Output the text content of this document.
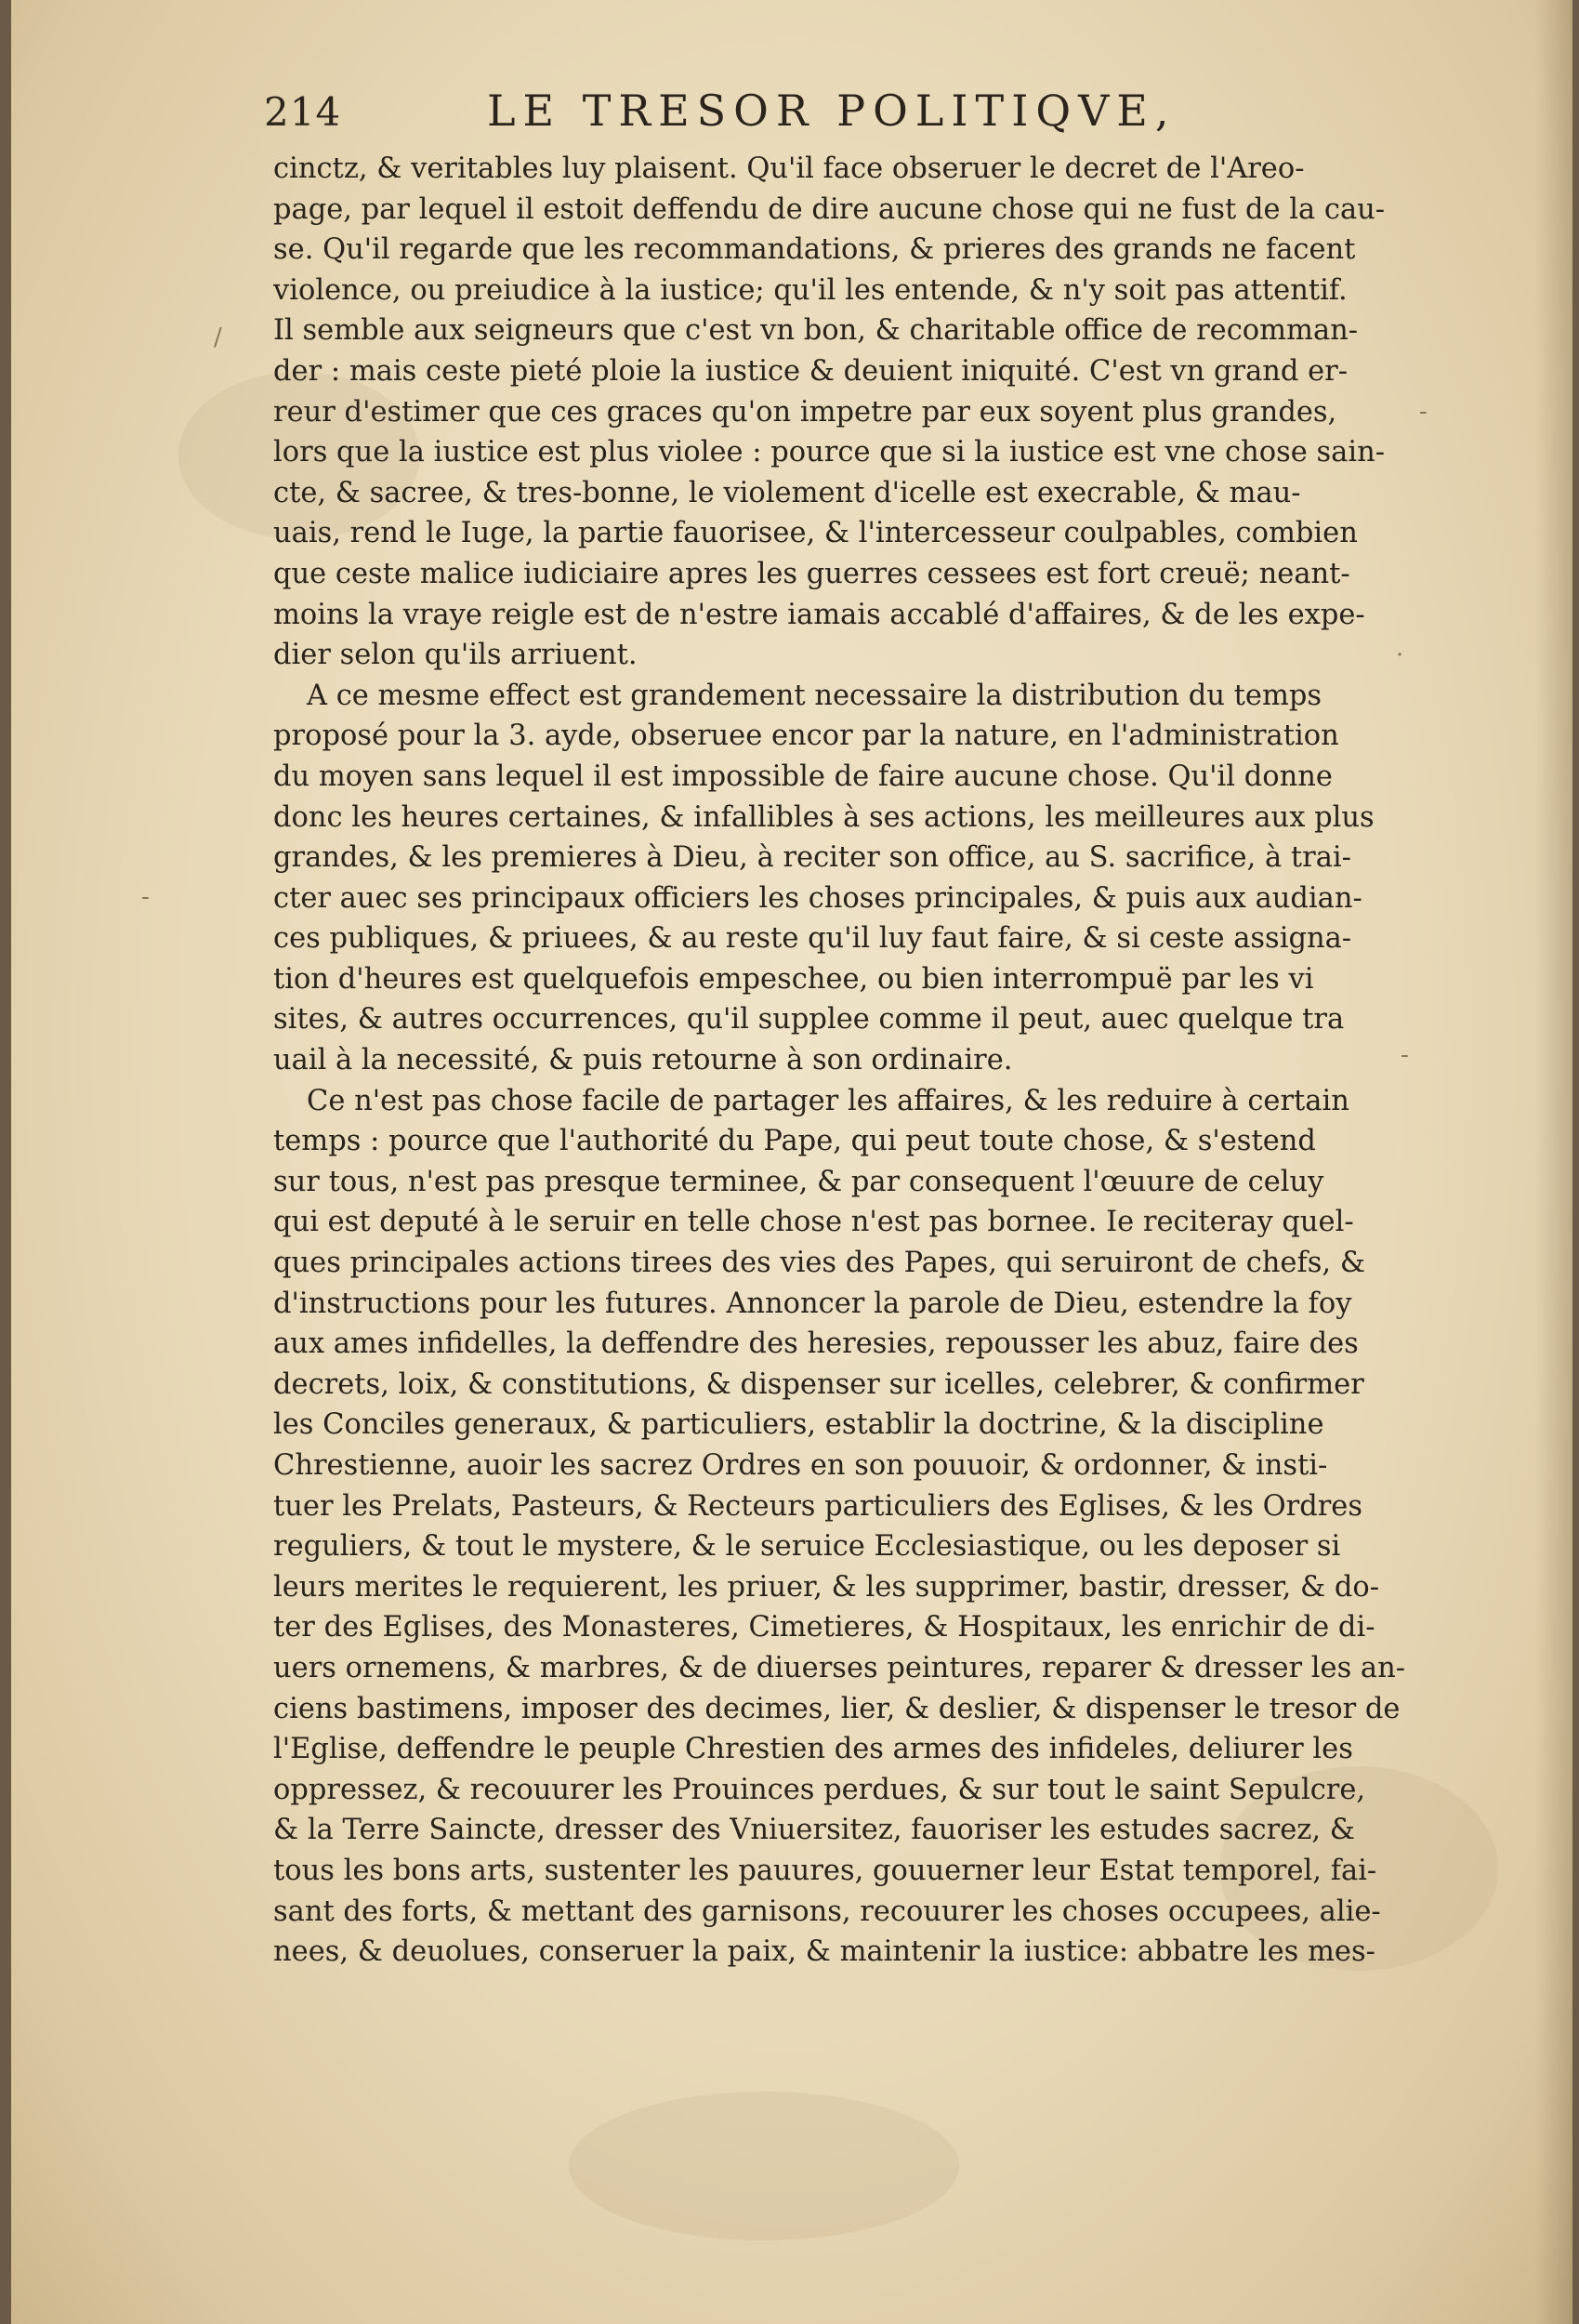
214	LE TRESOR POLITIQVE,
cinctz, & veritables luy plaisent. Qu'il face obseruer le decret de l'Areo-
page, par lequel il estoit deffendu de dire aucune chose qui ne fust de la cau-
se. Qu'il regarde que les recommandations, & prieres des grands ne facent
violence, ou preiudice à la iustice; qu'il les entende, & n'y soit pas attentif.
Il semble aux seigneurs que c'est vn bon, & charitable office de recomman-
der : mais ceste pieté ploie la iustice & deuient iniquité. C'est vn grand er-
reur d'estimer que ces graces qu'on impetre par eux soyent plus grandes,
lors que la iustice est plus violee : pource que si la iustice est vne chose sain-
cte, & sacree, & tres-bonne, le violement d'icelle est execrable, & mau-
uais, rend le Iuge, la partie fauorisee, & l'intercesseur coulpables, combien
que ceste malice iudiciaire apres les guerres cessees est fort creuë; neant-
moins la vraye reigle est de n'estre iamais accablé d'affaires, & de les expe-
dier selon qu'ils arriuent.
A ce mesme effect est grandement necessaire la distribution du temps
proposé pour la 3. ayde, obseruee encor par la nature, en l'administration
du moyen sans lequel il est impossible de faire aucune chose. Qu'il donne
donc les heures certaines, & infallibles à ses actions, les meilleures aux plus
grandes, & les premieres à Dieu, à reciter son office, au S. sacrifice, à trai-
cter auec ses principaux officiers les choses principales, & puis aux audian-
ces publiques, & priuees, & au reste qu'il luy faut faire, & si ceste assigna-
tion d'heures est quelquefois empeschee, ou bien interrompuë par les vi
sites, & autres occurrences, qu'il supplee comme il peut, auec quelque tra
uail à la necessité, & puis retourne à son ordinaire.
Ce n'est pas chose facile de partager les affaires, & les reduire à certain
temps : pource que l'authorité du Pape, qui peut toute chose, & s'estend
sur tous, n'est pas presque terminee, & par consequent l'œuure de celuy
qui est deputé à le seruir en telle chose n'est pas bornee. Ie reciteray quel-
ques principales actions tirees des vies des Papes, qui seruiront de chefs, &
d'instructions pour les futures. Annoncer la parole de Dieu, estendre la foy
aux ames infidelles, la deffendre des heresies, repousser les abuz, faire des
decrets, loix, & constitutions, & dispenser sur icelles, celebrer, & confirmer
les Conciles generaux, & particuliers, establir la doctrine, & la discipline
Chrestienne, auoir les sacrez Ordres en son pouuoir, & ordonner, & insti-
tuer les Prelats, Pasteurs, & Recteurs particuliers des Eglises, & les Ordres
reguliers, & tout le mystere, & le seruice Ecclesiastique, ou les deposer si
leurs merites le requierent, les priuer, & les supprimer, bastir, dresser, & do-
ter des Eglises, des Monasteres, Cimetieres, & Hospitaux, les enrichir de di-
uers ornemens, & marbres, & de diuerses peintures, reparer & dresser les an-
ciens bastimens, imposer des decimes, lier, & deslier, & dispenser le tresor de
l'Eglise, deffendre le peuple Chrestien des armes des infideles, deliurer les
oppressez, & recouurer les Prouinces perdues, & sur tout le saint Sepulcre,
& la Terre Saincte, dresser des Vniuersitez, fauoriser les estudes sacrez, &
tous les bons arts, sustenter les pauures, gouuerner leur Estat temporel, fai-
sant des forts, & mettant des garnisons, recouurer les choses occupees, alie-
nees, & deuolues, conseruer la paix, & maintenir la iustice: abbatre les mes-
/
-
·
-
-
